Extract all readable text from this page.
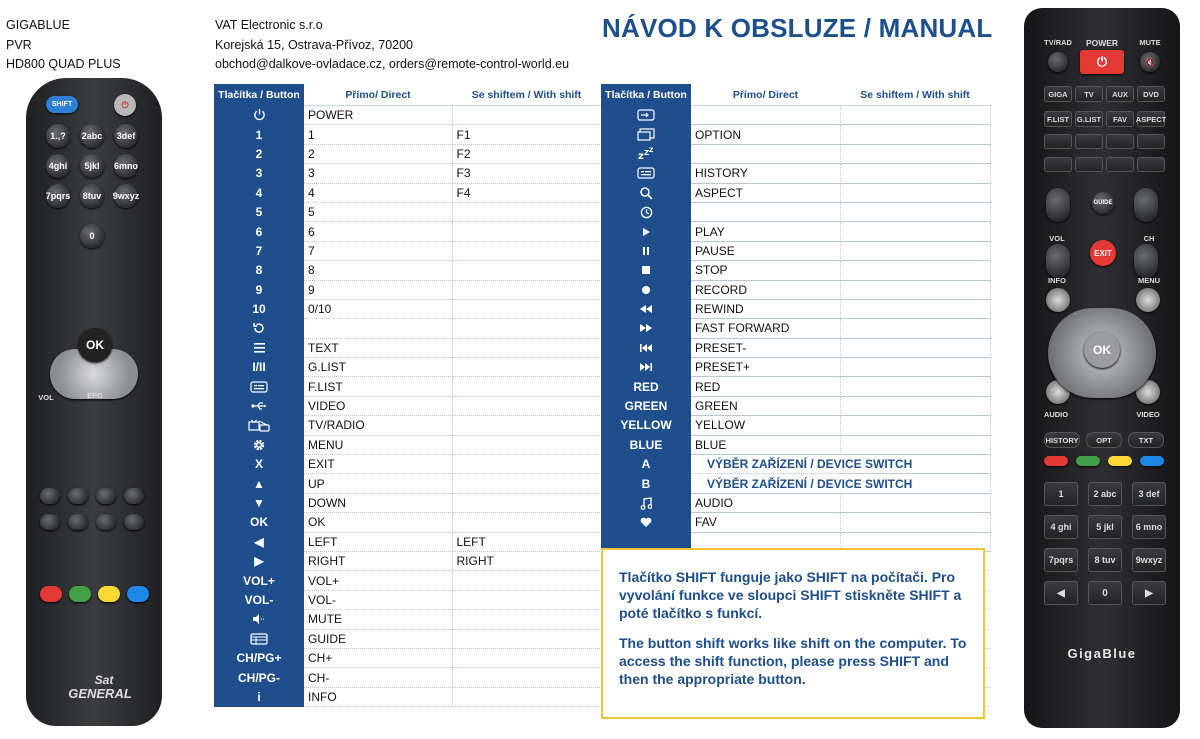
GIGABLUE
PVR
HD800 QUAD PLUS
VAT Electronic s.r.o
Korejská 15, Ostrava-Přívoz, 70200
obchod@dalkove-ovladace.cz, orders@remote-control-world.eu
NÁVOD K OBSLUZE / MANUAL
Tlačítka / Button	Přímo/ Direct	Se shiftem / With shift	

	POWER		
1	1	F1	
2	2	F2	
3	3	F3	
4	4	F4	
5	5		
6	6		
7	7		
8	8		
9	9		
10	0/10		

	TEXT		
I/II	G.LIST		

	F.LIST		

	VIDEO		

	TV/RADIO		

	MENU		
X	EXIT		
▲	UP		
▼	DOWN		
OK	OK		
◀	LEFT	LEFT	
▶	RIGHT	RIGHT	
VOL+	VOL+		
VOL-	VOL-		

	MUTE		

	GUIDE		
CH/PG+	CH+		
CH/PG-	CH-		
i	INFO		
Tlačítka / Button	Přímo/ Direct	Se shiftem / With shift

	OPTION	

z Z Z		

	HISTORY	

	ASPECT	

	PLAY	

	PAUSE	

	STOP	

	RECORD	

	REWIND	

	FAST FORWARD	

	PRESET-	

	PRESET+	
RED	RED	
GREEN	GREEN	
YELLOW	YELLOW	
BLUE	BLUE	
A	VÝBĚR ZAŘÍZENÍ / DEVICE SWITCH	
B	VÝBĚR ZAŘÍZENÍ / DEVICE SWITCH	

	AUDIO	

	FAV	

Tlačítko SHIFT funguje jako SHIFT na počítači. Pro vyvolání funkce ve sloupci SHIFT stiskněte SHIFT a poté tlačítko s funkcí.

The button shift works like shift on the computer. To access the shift function, please press SHIFT and then the appropriate button.

SHIFT	⏻
1.,?	2abc	3def
4ghi	5jkl	6mno
7pqrs	8tuv	9wxyz
0
OK
EPG
VOL
Sat
GENERAL
TV/RAD	POWER	MUTE
⏻	🔇
GIGA	TV	AUX	DVD
F.LIST	G.LIST	FAV	ASPECT
GUIDE
EXIT
VOL	CH
INFO	MENU
OK
AUDIO	VIDEO
HISTORY	OPT	TXT
1	2 abc	3 def
4 ghi	5 jkl	6 mno
7pqrs	8 tuv	9wxyz
◀	0	▶
GigaBlue
